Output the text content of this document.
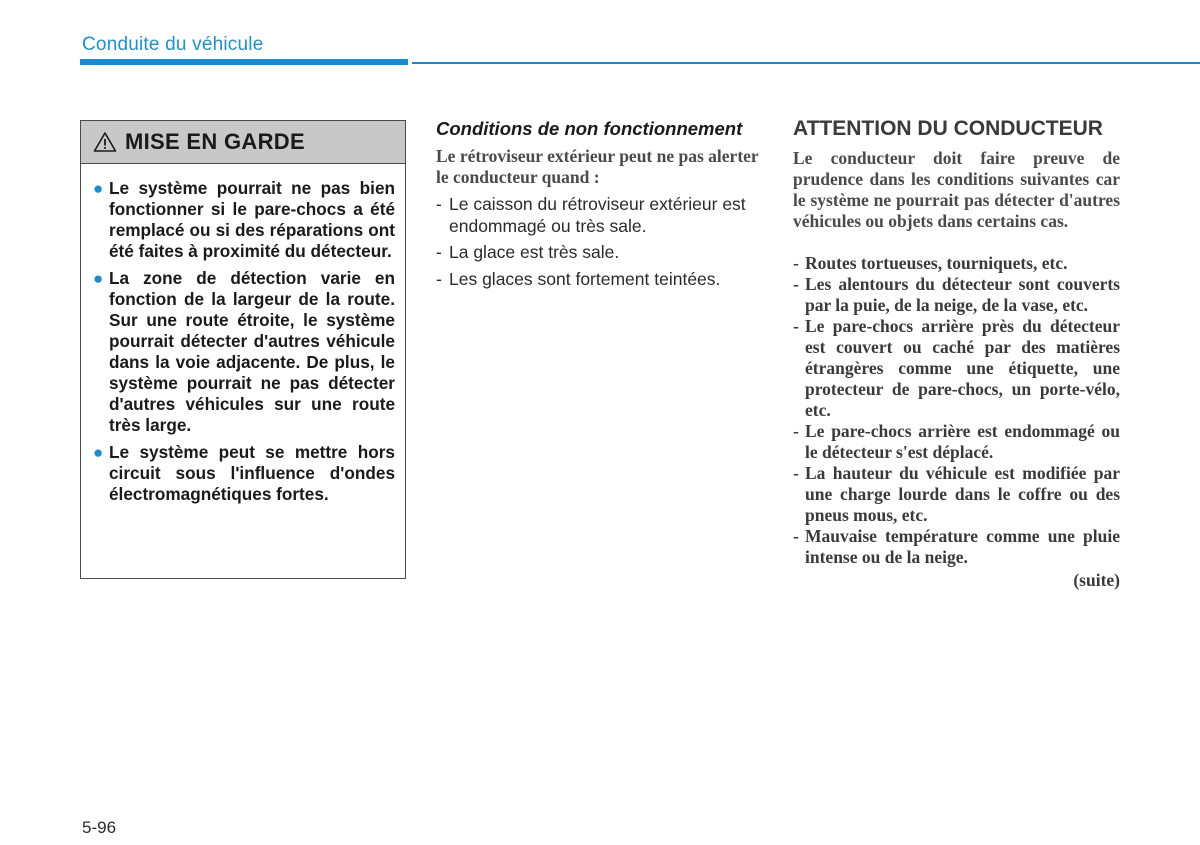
Conduite du véhicule
MISE EN GARDE
● Le système pourrait ne pas bien fonctionner si le pare-chocs a été remplacé ou si des réparations ont été faites à proximité du détecteur.
● La zone de détection varie en fonction de la largeur de la route. Sur une route étroite, le système pourrait détecter d'autres véhicule dans la voie adjacente. De plus, le système pourrait ne pas détecter d'autres véhicules sur une route très large.
● Le système peut se mettre hors circuit sous l'influence d'ondes électromagnétiques fortes.

Conditions de non fonctionnement

Le rétroviseur extérieur peut ne pas alerter le conducteur quand :

- Le caisson du rétroviseur extérieur est endommagé ou très sale.
- La glace est très sale.
- Les glaces sont fortement teintées.

ATTENTION DU CONDUCTEUR

Le conducteur doit faire preuve de prudence dans les conditions suivantes car le système ne pourrait pas détecter d'autres véhicules ou objets dans certains cas.

- Routes tortueuses, tourniquets, etc.
- Les alentours du détecteur sont couverts par la puie, de la neige, de la vase, etc.
- Le pare-chocs arrière près du détecteur est couvert ou caché par des matières étrangères comme une étiquette, une protecteur de pare-chocs, un porte-vélo, etc.
- Le pare-chocs arrière est endommagé ou le détecteur s'est déplacé.
- La hauteur du véhicule est modifiée par une charge lourde dans le coffre ou des pneus mous, etc.
- Mauvaise température comme une pluie intense ou de la neige.
(suite)
5-96
